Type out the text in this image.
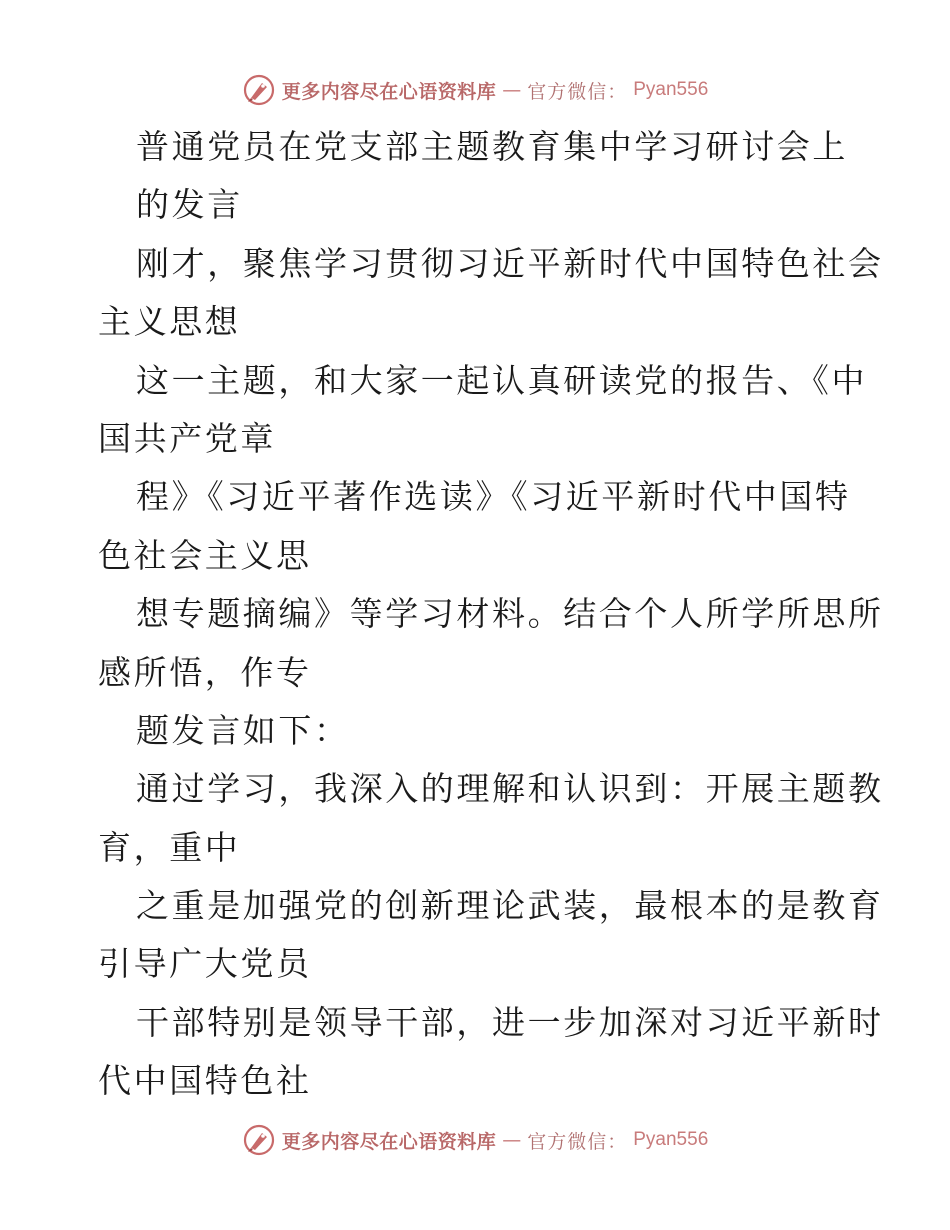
更多内容尽在心语资料库 — 官方微信： Pyan556
普通党员在党支部主题教育集中学习研讨会上
的发言
刚才，聚焦学习贯彻习近平新时代中国特色社会
主义思想
这一主题，和大家一起认真研读党的报告、《中
国共产党章
程》《习近平著作选读》《习近平新时代中国特
色社会主义思
想专题摘编》等学习材料。结合个人所学所思所
感所悟，作专
题发言如下：
通过学习，我深入的理解和认识到：开展主题教
育，重中
之重是加强党的创新理论武装，最根本的是教育
引导广大党员
干部特别是领导干部，进一步加深对习近平新时
代中国特色社
更多内容尽在心语资料库 — 官方微信： Pyan556
